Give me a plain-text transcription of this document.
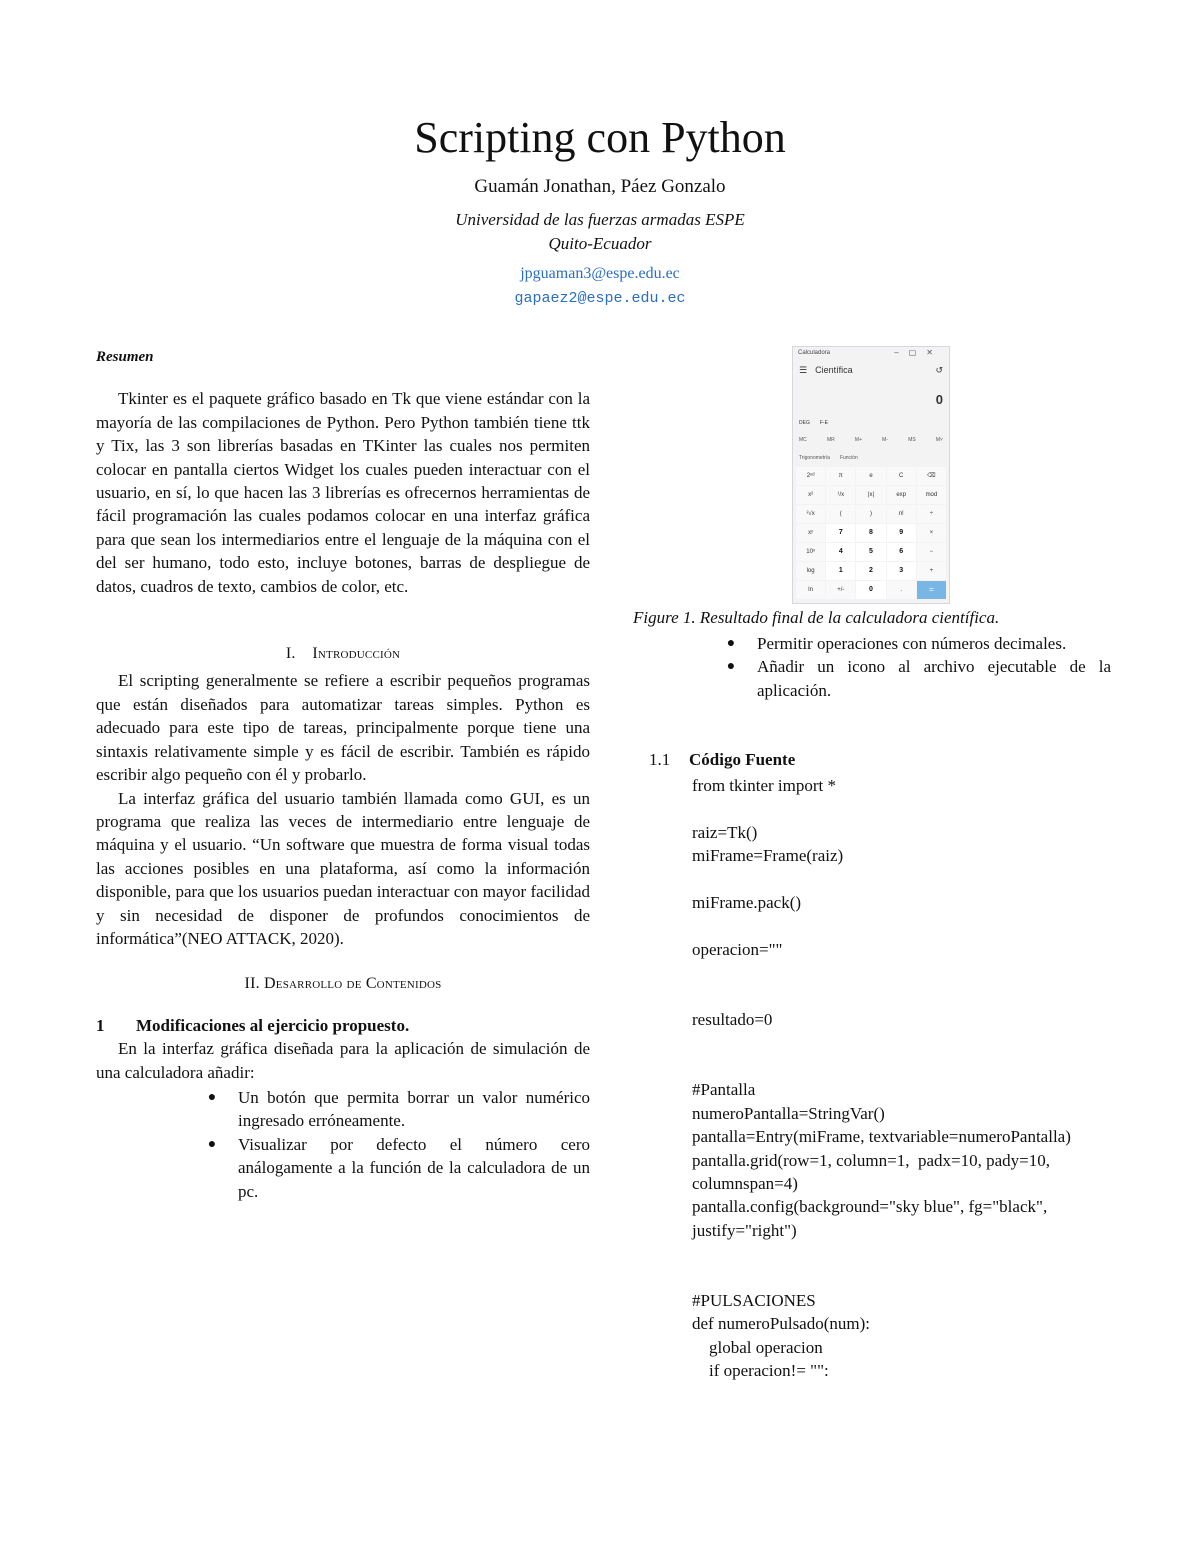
Scripting con Python
Guamán Jonathan, Páez Gonzalo
Universidad de las fuerzas armadas ESPE
Quito-Ecuador
jpguaman3@espe.edu.ec
gapaez2@espe.edu.ec

Resumen

Tkinter es el paquete gráfico basado en Tk que viene estándar con la mayoría de las compilaciones de Python. Pero Python también tiene ttk y Tix, las 3 son librerías basadas en TKinter las cuales nos permiten colocar en pantalla ciertos Widget los cuales pueden interactuar con el usuario, en sí, lo que hacen las 3 librerías es ofrecernos herramientas de fácil programación las cuales podamos colocar en una interfaz gráfica para que sean los intermediarios entre el lenguaje de la máquina con el del ser humano, todo esto, incluye botones, barras de despliegue de datos, cuadros de texto, cambios de color, etc.

I. Introducción

El scripting generalmente se refiere a escribir pequeños programas que están diseñados para automatizar tareas simples. Python es adecuado para este tipo de tareas, principalmente porque tiene una sintaxis relativamente simple y es fácil de escribir. También es rápido escribir algo pequeño con él y probarlo.

La interfaz gráfica del usuario también llamada como GUI, es un programa que realiza las veces de intermediario entre lenguaje de máquina y el usuario. “Un software que muestra de forma visual todas las acciones posibles en una plataforma, así como la información disponible, para que los usuarios puedan interactuar con mayor facilidad y sin necesidad de disponer de profundos conocimientos de informática”(NEO ATTACK, 2020).

II. Desarrollo de Contenidos

1 Modificaciones al ejercicio propuesto.

En la interfaz gráfica diseñada para la aplicación de simulación de una calculadora añadir:

●	Un botón que permita borrar un valor numérico ingresado erróneamente.
●	Visualizar por defecto el número cero análogamente a la función de la calculadora de un pc.
Calculadora	–▢✕
☰ Científica	↺
0
DEG F-E
MC	MR	M+	M-	MS	M˅
Trigonometría Función
2ⁿᵈ	π	e	C	⌫
x²	¹/x	|x|	exp	mod
²√x	(	)	n!	÷
xʸ	7	8	9	×
10ˣ	4	5	6	−
log	1	2	3	+
ln	+/-	0	.	=
Figure 1. Resultado final de la calculadora científica.
●	Permitir operaciones con números decimales.
●	Añadir un icono al archivo ejecutable de la aplicación.

1.1 Código Fuente

from tkinter import *

raiz=Tk()
miFrame=Frame(raiz)

miFrame.pack()

operacion=""

resultado=0

#Pantalla
numeroPantalla=StringVar()
pantalla=Entry(miFrame, textvariable=numeroPantalla)
pantalla.grid(row=1, column=1,  padx=10, pady=10, columnspan=4)
pantalla.config(background="sky blue", fg="black", justify="right")

#PULSACIONES
def numeroPulsado(num):
global operacion
if operacion!= "":
